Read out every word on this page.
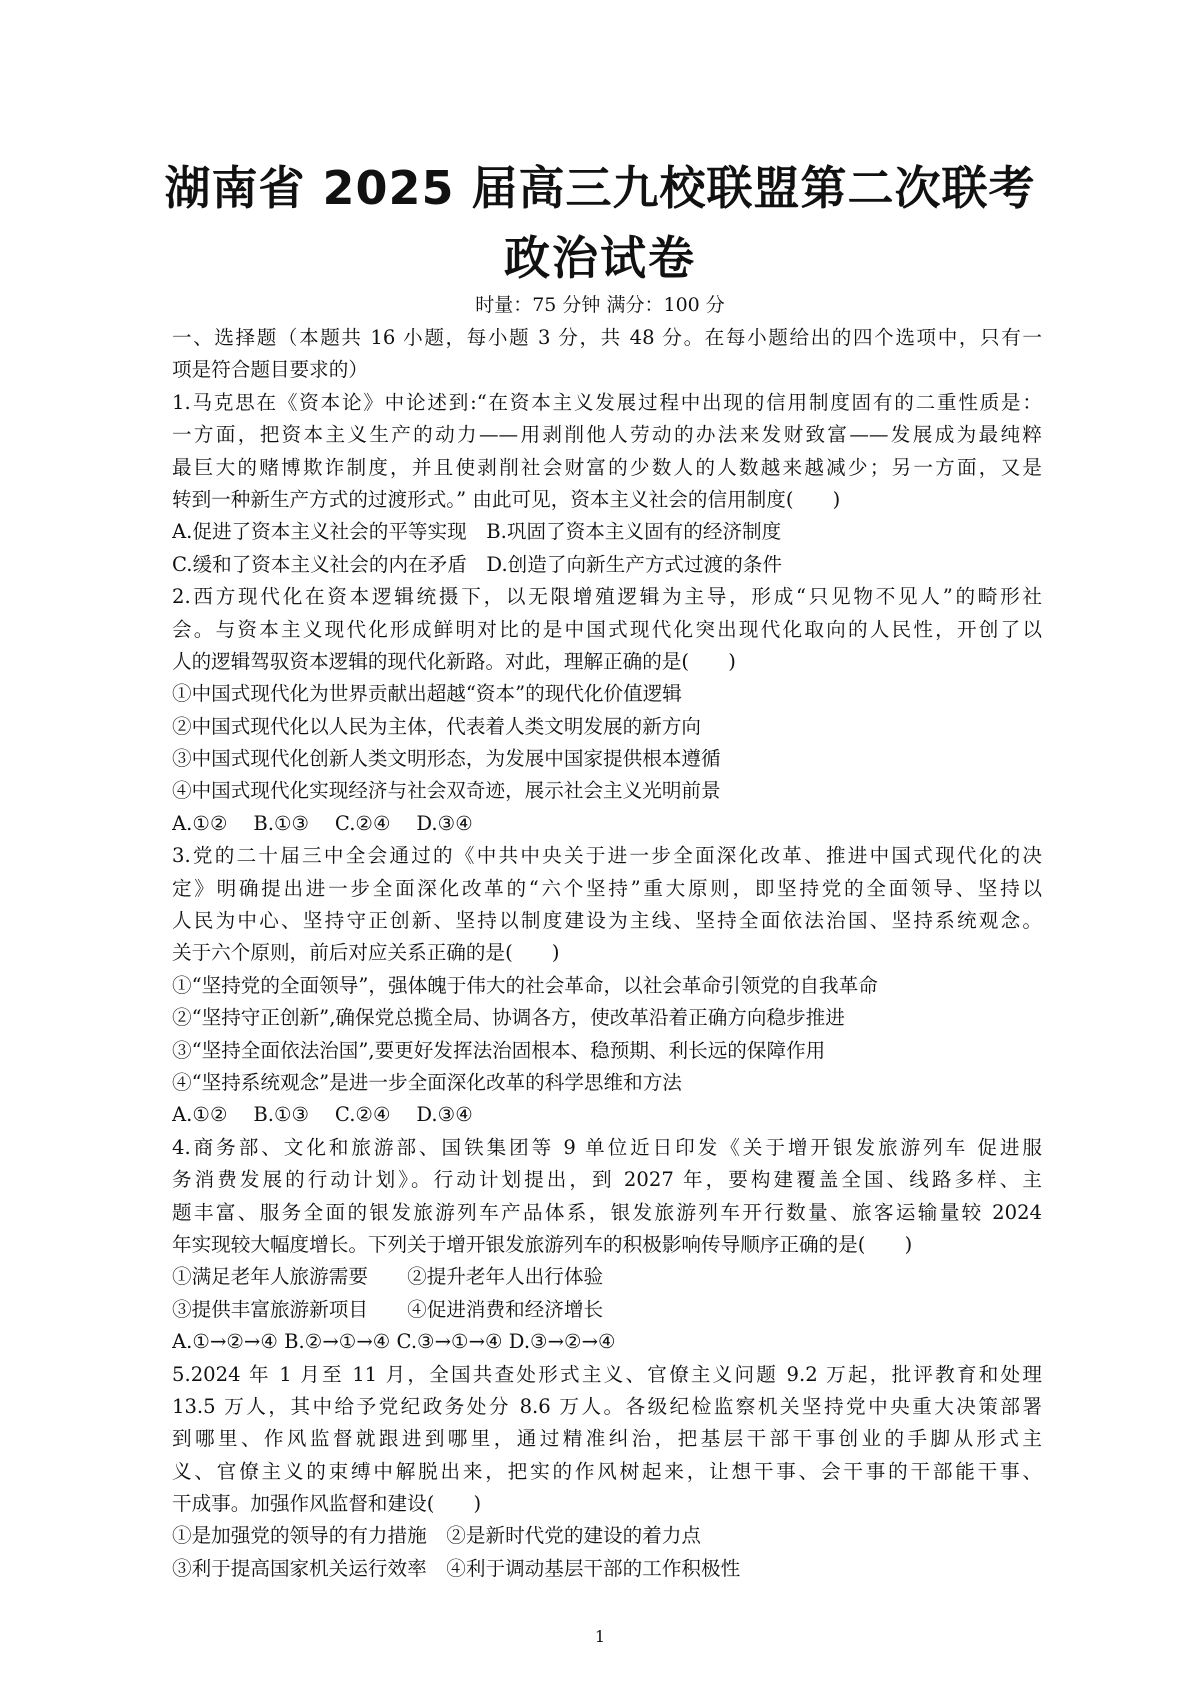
湖南省 2025 届高三九校联盟第二次联考
政治试卷
时量：75 分钟 满分：100 分
一、选择题（本题共 16 小题，每小题 3 分，共 48 分。在每小题给出的四个选项中，只有一
项是符合题目要求的）
1.马克思在《资本论》中论述到:“在资本主义发展过程中出现的信用制度固有的二重性质是：
一方面，把资本主义生产的动力——用剥削他人劳动的办法来发财致富——发展成为最纯粹
最巨大的赌博欺诈制度，并且使剥削社会财富的少数人的人数越来越减少；另一方面，又是
转到一种新生产方式的过渡形式。” 由此可见，资本主义社会的信用制度(　　)
A.促进了资本主义社会的平等实现　B.巩固了资本主义固有的经济制度
C.缓和了资本主义社会的内在矛盾　D.创造了向新生产方式过渡的条件
2.西方现代化在资本逻辑统摄下，以无限增殖逻辑为主导，形成“只见物不见人”的畸形社
会。与资本主义现代化形成鲜明对比的是中国式现代化突出现代化取向的人民性，开创了以
人的逻辑驾驭资本逻辑的现代化新路。对此，理解正确的是(　　)
①中国式现代化为世界贡献出超越“资本”的现代化价值逻辑
②中国式现代化以人民为主体，代表着人类文明发展的新方向
③中国式现代化创新人类文明形态，为发展中国家提供根本遵循
④中国式现代化实现经济与社会双奇迹，展示社会主义光明前景
A.①②　 B.①③　 C.②④　 D.③④
3.党的二十届三中全会通过的《中共中央关于进一步全面深化改革、推进中国式现代化的决
定》明确提出进一步全面深化改革的“六个坚持”重大原则，即坚持党的全面领导、坚持以
人民为中心、坚持守正创新、坚持以制度建设为主线、坚持全面依法治国、坚持系统观念。
关于六个原则，前后对应关系正确的是(　　)
①“坚持党的全面领导”，强体魄于伟大的社会革命，以社会革命引领党的自我革命
②“坚持守正创新”,确保党总揽全局、协调各方，使改革沿着正确方向稳步推进
③“坚持全面依法治国”,要更好发挥法治固根本、稳预期、利长远的保障作用
④“坚持系统观念”是进一步全面深化改革的科学思维和方法
A.①②　 B.①③　 C.②④　 D.③④
4.商务部、文化和旅游部、国铁集团等 9 单位近日印发《关于增开银发旅游列车 促进服
务消费发展的行动计划》。行动计划提出，到 2027 年，要构建覆盖全国、线路多样、主
题丰富、服务全面的银发旅游列车产品体系，银发旅游列车开行数量、旅客运输量较 2024
年实现较大幅度增长。下列关于增开银发旅游列车的积极影响传导顺序正确的是(　　)
①满足老年人旅游需要　　②提升老年人出行体验
③提供丰富旅游新项目　　④促进消费和经济增长
A.①→②→④ B.②→①→④ C.③→①→④ D.③→②→④
5.2024 年 1 月至 11 月，全国共查处形式主义、官僚主义问题 9.2 万起，批评教育和处理
13.5 万人，其中给予党纪政务处分 8.6 万人。各级纪检监察机关坚持党中央重大决策部署
到哪里、作风监督就跟进到哪里，通过精准纠治，把基层干部干事创业的手脚从形式主
义、官僚主义的束缚中解脱出来，把实的作风树起来，让想干事、会干事的干部能干事、
干成事。加强作风监督和建设(　　)
①是加强党的领导的有力措施　②是新时代党的建设的着力点
③利于提高国家机关运行效率　④利于调动基层干部的工作积极性
1
